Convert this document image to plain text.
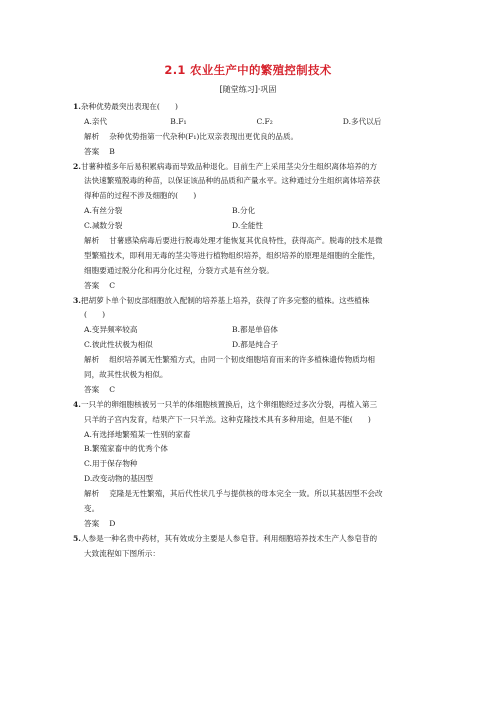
2.1 农业生产中的繁殖控制技术
[随堂练习]·巩固
1.杂种优势最突出表现在(　　)
A.亲代	B.F₁	C.F₂	D.多代以后
解析 杂种优势指第一代杂种(F₁)比双亲表现出更优良的品质。
答案 B
2.甘薯种植多年后易积累病毒而导致品种退化。目前生产上采用茎尖分生组织离体培养的方
法快速繁殖脱毒的种苗，以保证该品种的品质和产量水平。这种通过分生组织离体培养获
得种苗的过程不涉及细胞的(　　)
A.有丝分裂	B.分化
C.减数分裂	D.全能性
解析 甘薯感染病毒后要进行脱毒处理才能恢复其优良特性，获得高产。脱毒的技术是微
型繁殖技术，即利用无毒的茎尖等进行植物组织培养，组织培养的原理是细胞的全能性，
细胞要通过脱分化和再分化过程，分裂方式是有丝分裂。
答案 C
3.把胡萝卜单个韧皮部细胞放入配制的培养基上培养，获得了许多完整的植株。这些植株
(　　)
A.变异频率较高	B.都是单倍体
C.彼此性状极为相似	D.都是纯合子
解析 组织培养属无性繁殖方式，由同一个韧皮细胞培育而来的许多植株遗传物质均相
同，故其性状极为相似。
答案 C
4.一只羊的卵细胞核被另一只羊的体细胞核置换后，这个卵细胞经过多次分裂，再植入第三
只羊的子宫内发育，结果产下一只羊羔。这种克隆技术具有多种用途，但是不能(　　)
A.有选择地繁殖某一性别的家畜
B.繁殖家畜中的优秀个体
C.用于保存物种
D.改变动物的基因型
解析 克隆是无性繁殖，其后代性状几乎与提供核的母本完全一致。所以其基因型不会改
变。
答案 D
5.人参是一种名贵中药材，其有效成分主要是人参皂苷。利用细胞培养技术生产人参皂苷的
大致流程如下图所示：
